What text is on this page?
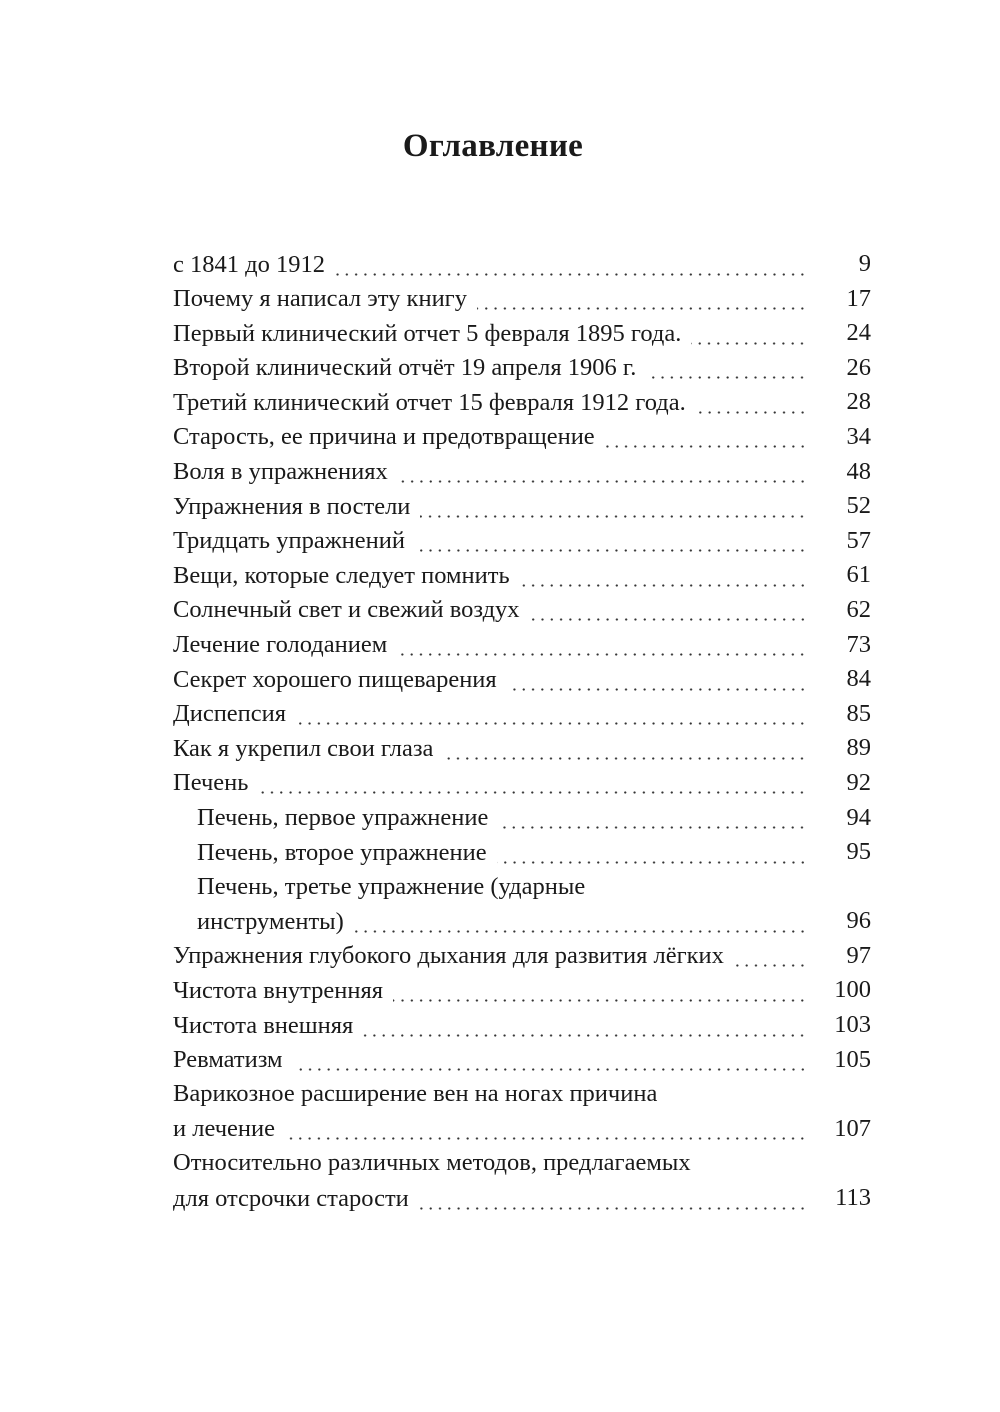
Оглавление
с 1841 до 1912	9
Почему я написал эту книгу	17
Первый клинический отчет 5 февраля 1895 года.	24
Второй клинический отчёт 19 апреля 1906 г.	26
Третий клинический отчет 15 февраля 1912 года.	28
Старость, ее причина и предотвращение	34
Воля в упражнениях	48
Упражнения в постели	52
Тридцать упражнений	57
Вещи, которые следует помнить	61
Солнечный свет и свежий воздух	62
Лечение голоданием	73
Секрет хорошего пищеварения	84
Диспепсия	85
Как я укрепил свои глаза	89
Печень	92
Печень, первое упражнение	94
Печень, второе упражнение	95
Печень, третье упражнение (ударные
инструменты)	96
Упражнения глубокого дыхания для развития лёгких	97
Чистота внутренняя	100
Чистота внешняя	103
Ревматизм	105
Варикозное расширение вен на ногах причина
и лечение	107
Относительно различных методов, предлагаемых
для отсрочки старости	113
